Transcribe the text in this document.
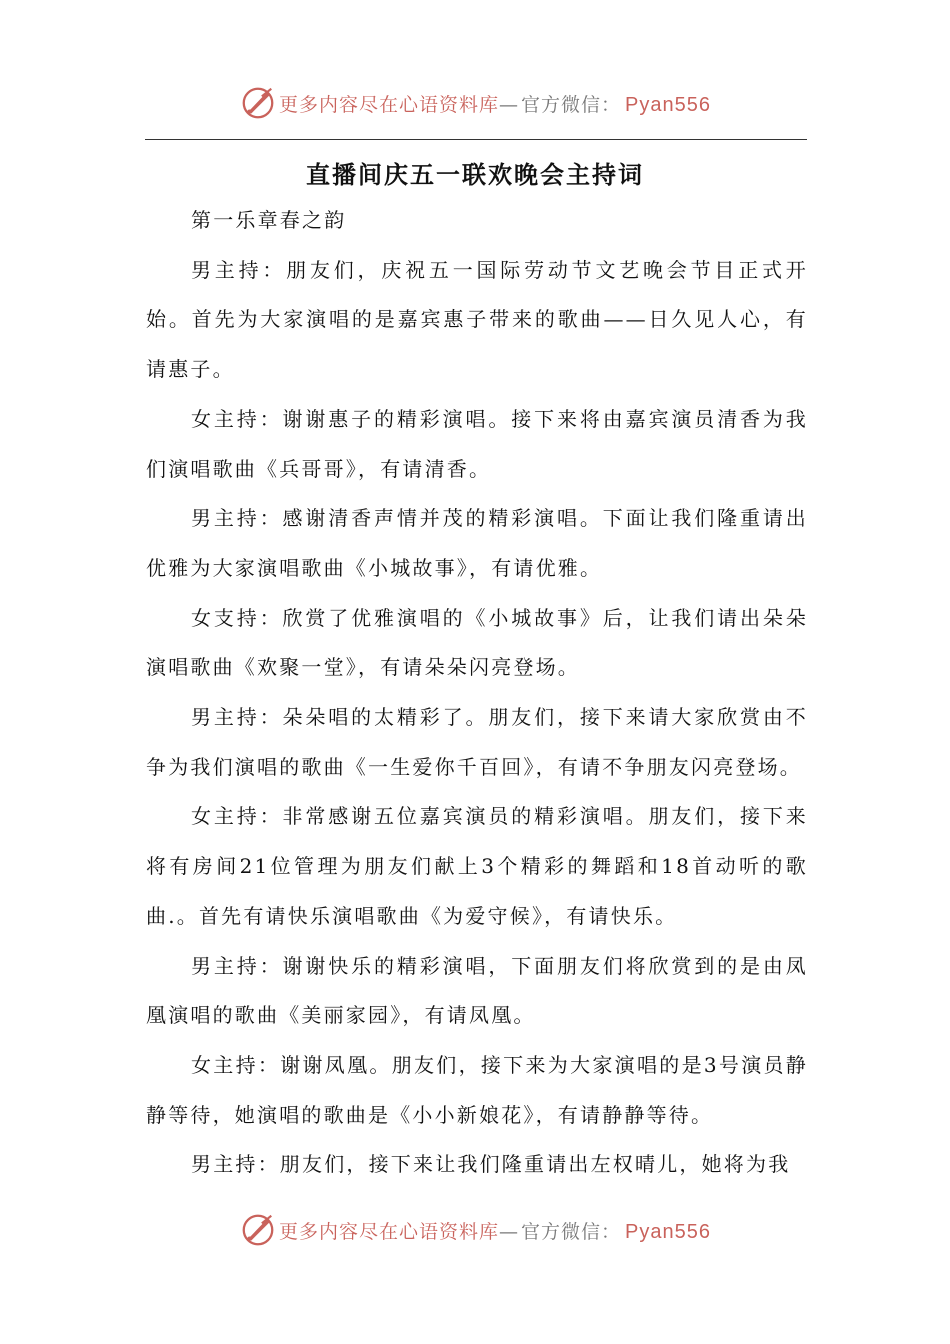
更多内容尽在心语资料库— 官方微信： Pyan556
直播间庆五一联欢晚会主持词

第一乐章春之韵

男主持：朋友们，庆祝五一国际劳动节文艺晚会节目正式开始。首先为大家演唱的是嘉宾惠子带来的歌曲——日久见人心，有请惠子。

女主持：谢谢惠子的精彩演唱。接下来将由嘉宾演员清香为我们演唱歌曲《兵哥哥》，有请清香。

男主持：感谢清香声情并茂的精彩演唱。下面让我们隆重请出优雅为大家演唱歌曲《小城故事》，有请优雅。

女支持：欣赏了优雅演唱的《小城故事》后，让我们请出朵朵演唱歌曲《欢聚一堂》，有请朵朵闪亮登场。

男主持：朵朵唱的太精彩了。朋友们，接下来请大家欣赏由不争为我们演唱的歌曲《一生爱你千百回》，有请不争朋友闪亮登场。

女主持：非常感谢五位嘉宾演员的精彩演唱。朋友们，接下来将有房间21位管理为朋友们献上3个精彩的舞蹈和18首动听的歌曲.。首先有请快乐演唱歌曲《为爱守候》，有请快乐。

男主持：谢谢快乐的精彩演唱，下面朋友们将欣赏到的是由凤凰演唱的歌曲《美丽家园》，有请凤凰。

女主持：谢谢凤凰。朋友们，接下来为大家演唱的是3号演员静静等待，她演唱的歌曲是《小小新娘花》，有请静静等待。

男主持：朋友们，接下来让我们隆重请出左权晴儿，她将为我

更多内容尽在心语资料库— 官方微信： Pyan556
